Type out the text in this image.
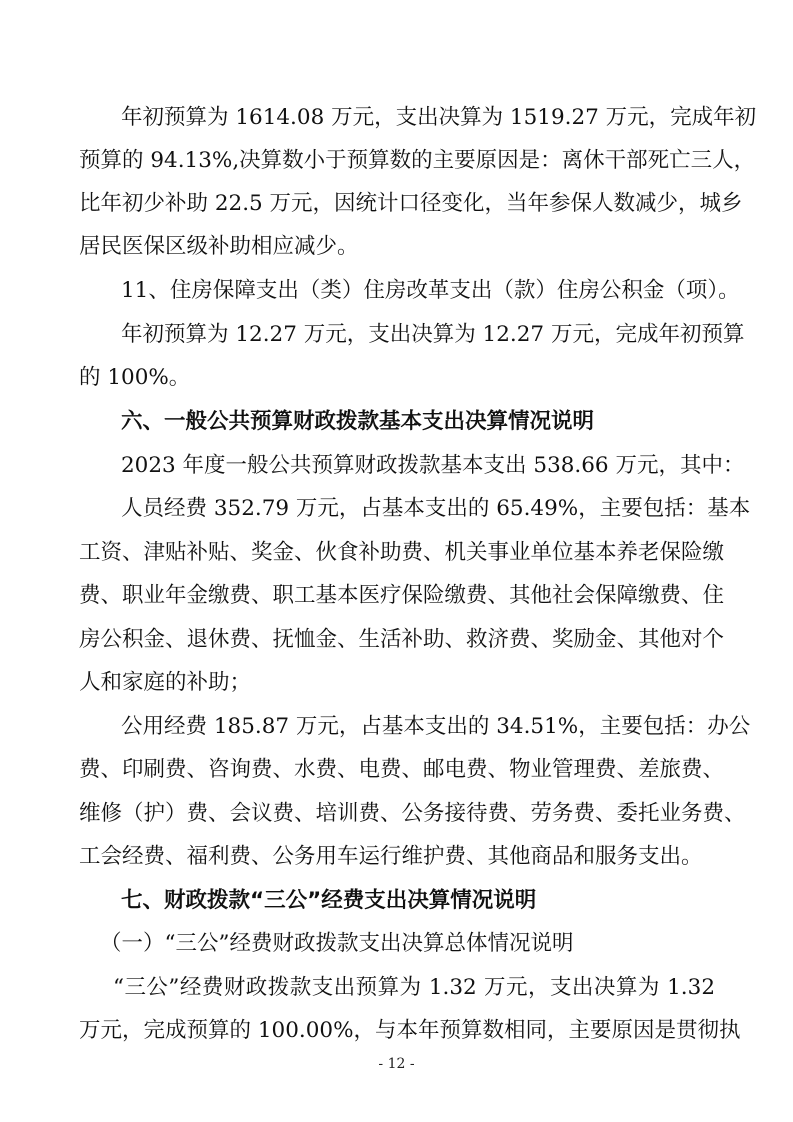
年初预算为 1614.08 万元，支出决算为 1519.27 万元，完成年初
预算的 94.13%,决算数小于预算数的主要原因是：离休干部死亡三人，
比年初少补助 22.5 万元，因统计口径变化，当年参保人数减少，城乡
居民医保区级补助相应减少。
11、住房保障支出（类）住房改革支出（款）住房公积金（项）。
年初预算为 12.27 万元，支出决算为 12.27 万元，完成年初预算
的 100%。
六、一般公共预算财政拨款基本支出决算情况说明
2023 年度一般公共预算财政拨款基本支出 538.66 万元，其中：
人员经费 352.79 万元，占基本支出的 65.49%，主要包括：基本
工资、津贴补贴、奖金、伙食补助费、机关事业单位基本养老保险缴
费、职业年金缴费、职工基本医疗保险缴费、其他社会保障缴费、住
房公积金、退休费、抚恤金、生活补助、救济费、奖励金、其他对个
人和家庭的补助；
公用经费 185.87 万元，占基本支出的 34.51%，主要包括：办公
费、印刷费、咨询费、水费、电费、邮电费、物业管理费、差旅费、
维修（护）费、会议费、培训费、公务接待费、劳务费、委托业务费、
工会经费、福利费、公务用车运行维护费、其他商品和服务支出。
七、财政拨款“三公”经费支出决算情况说明
（一）“三公”经费财政拨款支出决算总体情况说明
“三公”经费财政拨款支出预算为 1.32 万元，支出决算为 1.32
万元，完成预算的 100.00%，与本年预算数相同，主要原因是贯彻执
- 12 -
